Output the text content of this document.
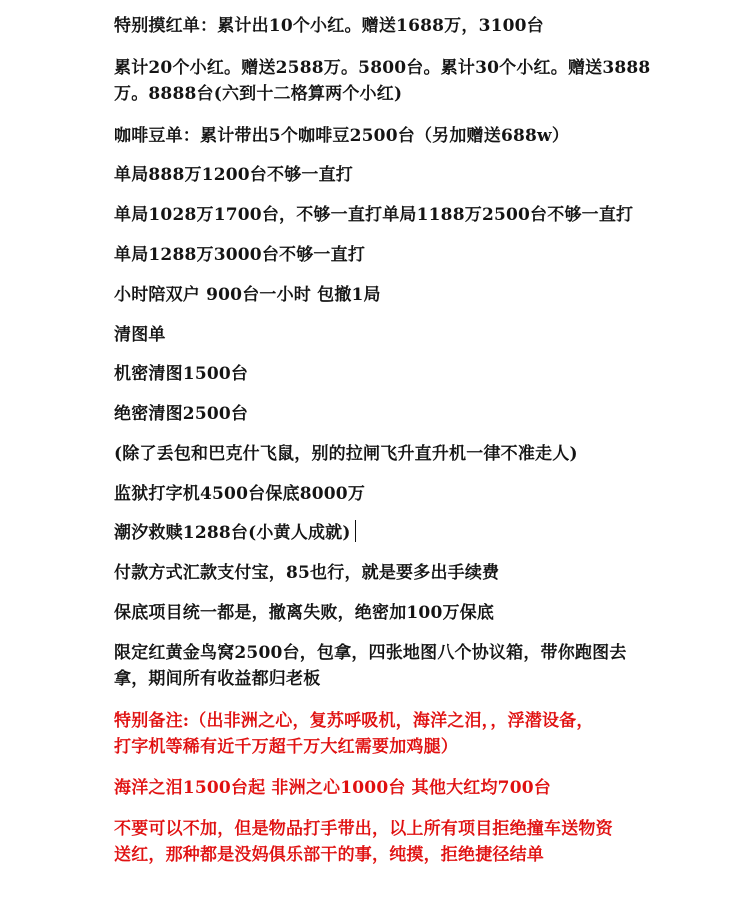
特别摸红单：累计出10个小红。赠送1688万，3100台
累计20个小红。赠送2588万。5800台。累计30个小红。赠送3888
万。8888台(六到十二格算两个小红)
咖啡豆单：累计带出5个咖啡豆2500台（另加赠送688w）
单局888万1200台不够一直打
单局1028万1700台，不够一直打单局1188万2500台不够一直打
单局1288万3000台不够一直打
小时陪双户 900台一小时 包撤1局
清图单
机密清图1500台
绝密清图2500台
(除了丢包和巴克什飞鼠，别的拉闸飞升直升机一律不准走人)
监狱打字机4500台保底8000万
潮汐救赎1288台(小黄人成就)
付款方式汇款支付宝，85也行，就是要多出手续费
保底项目统一都是，撤离失败，绝密加100万保底
限定红黄金鸟窝2500台，包拿，四张地图八个协议箱，带你跑图去
拿，期间所有收益都归老板
特别备注:（出非洲之心，复苏呼吸机，海洋之泪，，浮潜设备，
打字机等稀有近千万超千万大红需要加鸡腿）
海洋之泪1500台起 非洲之心1000台 其他大红均700台
不要可以不加，但是物品打手带出，以上所有项目拒绝撞车送物资
送红，那种都是没妈俱乐部干的事，纯摸，拒绝捷径结单
